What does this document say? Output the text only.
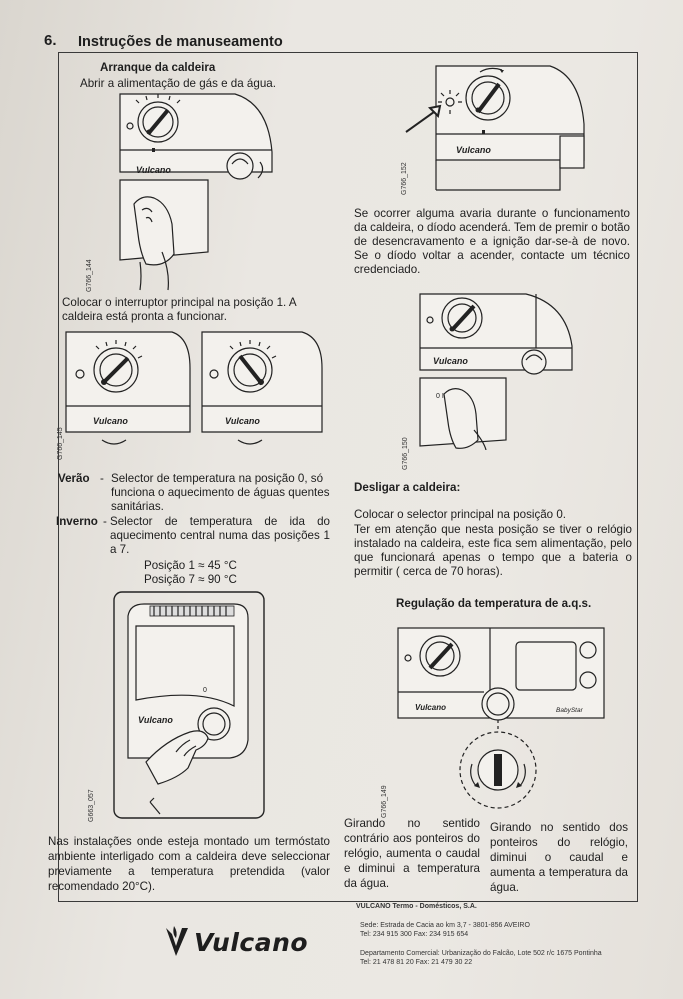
6. Instruções de manuseamento
Arranque da caldeira
Abrir a alimentação de gás e da água.
Vulcano
G766_144
Vulcano
G766_152
Se ocorrer alguma avaria durante o funcionamento da caldeira, o díodo acenderá. Tem de premir o botão de desencravamento e a ignição dar-se-à de novo. Se o díodo voltar a acender, contacte um técnico credenciado.
Colocar o interruptor principal na posição 1. A caldeira está pronta a funcionar.
Vulcano	Vulcano
G766_145
Vulcano
0 I
G766_150
Verão - Selector de temperatura na posição 0, só funciona o aquecimento de águas quentes sanitárias.
Inverno - Selector de temperatura de ida do aquecimento central numa das posições 1 a 7.
Posição 1 ≈ 45 °C
Posição 7 ≈ 90 °C
Desligar a caldeira:
Colocar o selector principal na posição 0.
Ter em atenção que nesta posição se tiver o relógio instalado na caldeira, este fica sem alimentação, pelo que funcionará apenas o tempo que a bateria o permitir ( cerca de 70 horas).
Regulação da temperatura de a.q.s.
Vulcano
0
G663_057
Vulcano	BabyStar
G766_149
Girando no sentido contrário aos ponteiros do relógio, aumenta o caudal e diminui a temperatura da água.
Girando no sentido dos ponteiros do relógio, diminui o caudal e aumenta a temperatura da água.
Nas instalações onde esteja montado um termóstato ambiente interligado com a caldeira deve seleccionar previamente a temperatura pretendida (valor recomendado 20°C).
Vulcano
VULCANO Termo - Domésticos, S.A.
Sede: Estrada de Cacia ao km 3,7 - 3801-856 AVEIRO
Tel: 234 915 300 Fax: 234 915 654
Departamento Comercial: Urbanização do Falcão, Lote 502 r/c 1675 Pontinha
Tel: 21 478 81 20 Fax: 21 479 30 22
